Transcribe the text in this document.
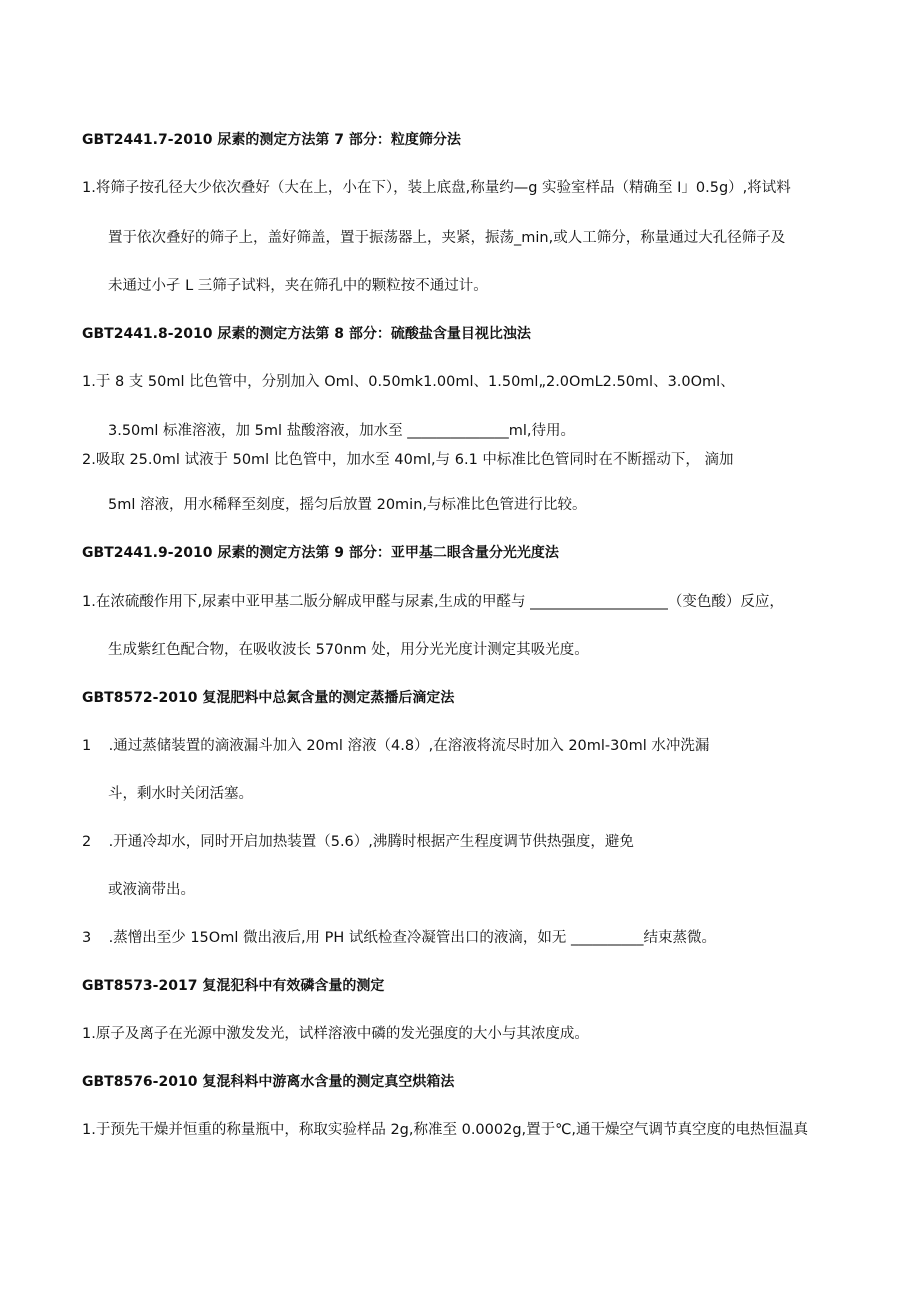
GBT2441.7-2010 尿素的测定方法第 7 部分：粒度筛分法
1.将筛子按孔径大少依次叠好（大在上，小在下），装上底盘,称量约—g 实验室样品（精确至 I」0.5g）,将试料
置于依次叠好的筛子上，盖好筛盖，置于振荡器上，夹紧，振荡_min,或人工筛分，称量通过大孔径筛子及
未通过小孑 L 三筛子试料，夹在筛孔中的颗粒按不通过计。
GBT2441.8-2010 尿素的测定方法第 8 部分：硫酸盐含量目视比浊法
1.于 8 支 50ml 比色管中，分别加入 Oml、0.50mk1.00ml、1.50ml„2.0OmL2.50ml、3.0Oml、
3.50ml 标准溶液，加 5ml 盐酸溶液，加水至 ______________ml,待用。
2.吸取 25.0ml 试液于 50ml 比色管中，加水至 40ml,与 6.1 中标准比色管同时在不断摇动下， 滴加
5ml 溶液，用水稀释至刻度，摇匀后放置 20min,与标准比色管进行比较。
GBT2441.9-2010 尿素的测定方法第 9 部分：亚甲基二眼含量分光光度法
1.在浓硫酸作用下,尿素中亚甲基二版分解成甲醛与尿素,生成的甲醛与 ___________________（变色酸）反应，
生成紫红色配合物，在吸收波长 570nm 处，用分光光度计测定其吸光度。
GBT8572-2010 复混肥料中总氮含量的测定蒸播后滴定法
1 .通过蒸储装置的滴液漏斗加入 20ml 溶液（4.8）,在溶液将流尽时加入 20ml-30ml 水冲洗漏
斗，剩水时关闭活塞。
2 .开通冷却水，同时开启加热装置（5.6）,沸腾时根据产生程度调节供热强度，避免
或液滴带出。
3 .蒸憎出至少 15Oml 微出液后,用 PH 试纸检查冷凝管出口的液滴，如无 __________结束蒸微。
GBT8573-2017 复混犯科中有效磷含量的测定
1.原子及离子在光源中激发发光，试样溶液中磷的发光强度的大小与其浓度成。
GBT8576-2010 复混科料中游离水含量的测定真空烘箱法
1.于预先干燥并恒重的称量瓶中，称取实验样品 2g,称准至 0.0002g,置于℃,通干燥空气调节真空度的电热恒温真
